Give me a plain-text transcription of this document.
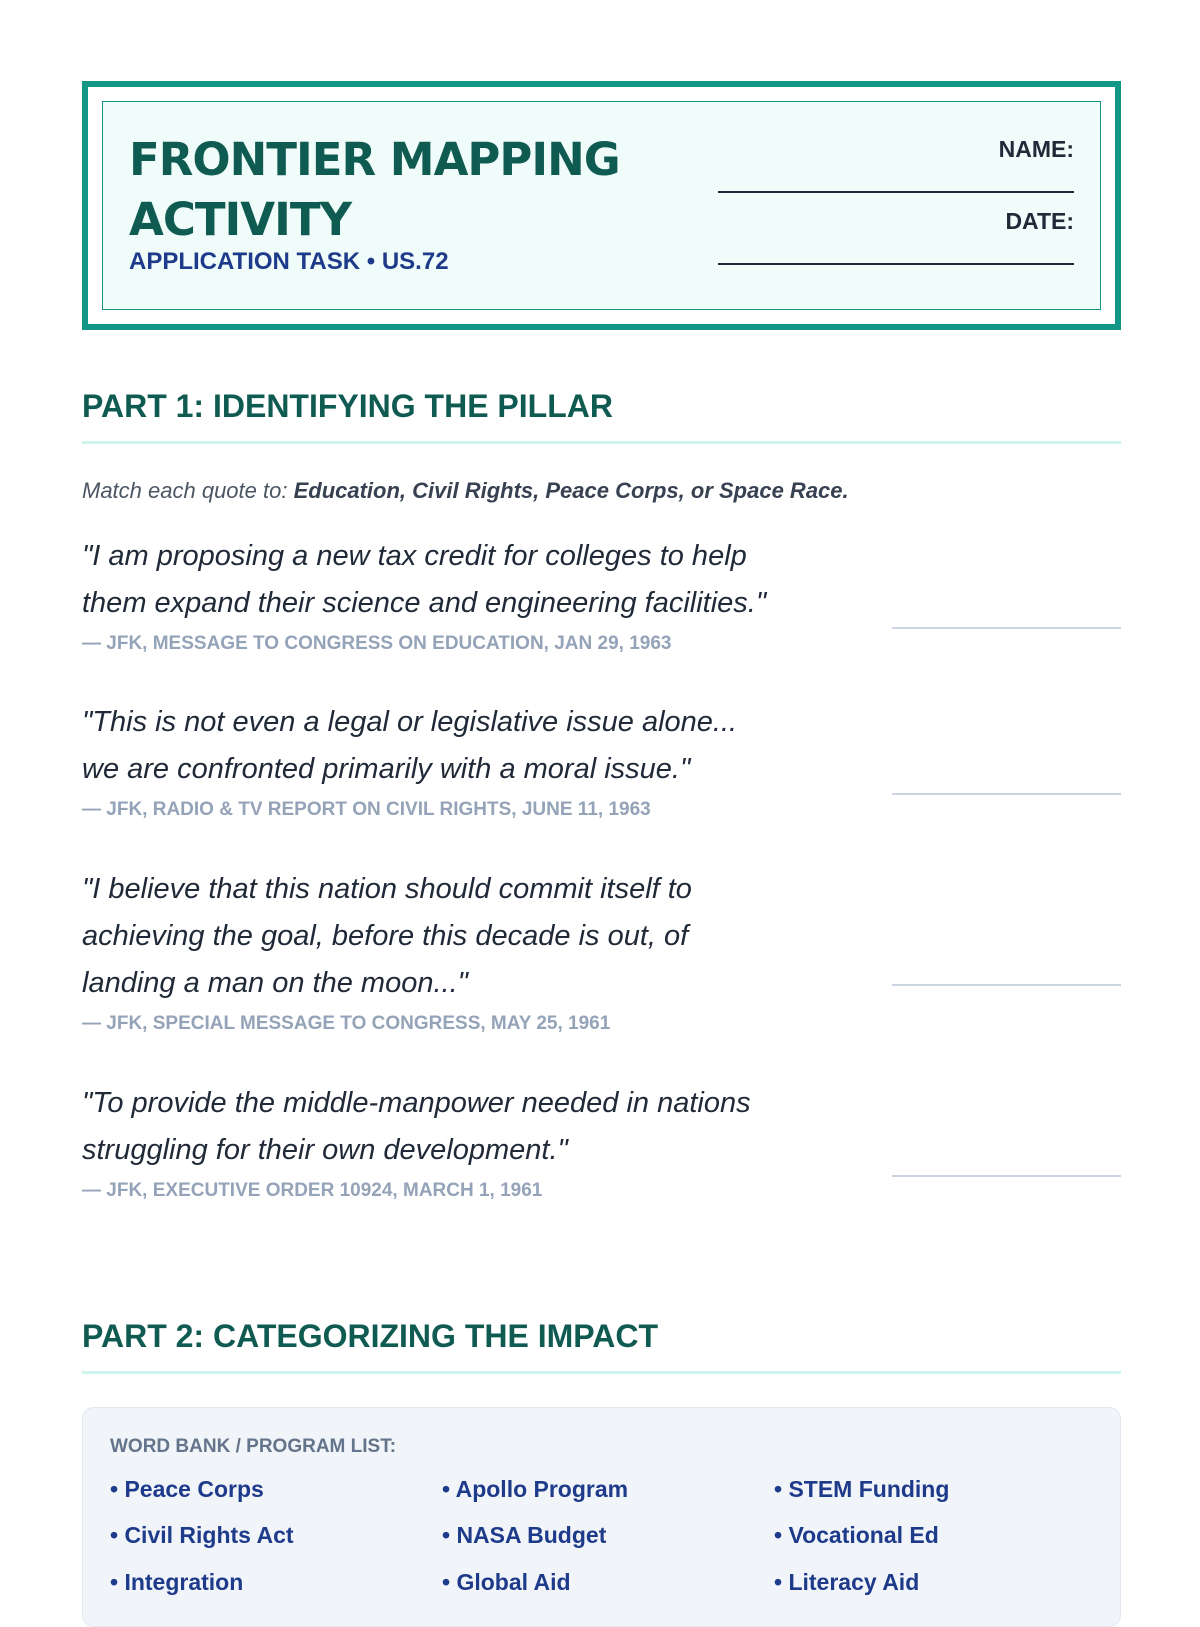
FRONTIER MAPPING ACTIVITY
APPLICATION TASK • US.72
NAME:
DATE:
PART 1: IDENTIFYING THE PILLAR
Match each quote to: Education, Civil Rights, Peace Corps, or Space Race.
"I am proposing a new tax credit for colleges to help
them expand their science and engineering facilities."
— JFK, MESSAGE TO CONGRESS ON EDUCATION, JAN 29, 1963
"This is not even a legal or legislative issue alone...
we are confronted primarily with a moral issue."
— JFK, RADIO & TV REPORT ON CIVIL RIGHTS, JUNE 11, 1963
"I believe that this nation should commit itself to
achieving the goal, before this decade is out, of
landing a man on the moon..."
— JFK, SPECIAL MESSAGE TO CONGRESS, MAY 25, 1961
"To provide the middle-manpower needed in nations
struggling for their own development."
— JFK, EXECUTIVE ORDER 10924, MARCH 1, 1961
PART 2: CATEGORIZING THE IMPACT
WORD BANK / PROGRAM LIST:
• Peace Corps	• Apollo Program	• STEM Funding
• Civil Rights Act	• NASA Budget	• Vocational Ed
• Integration	• Global Aid	• Literacy Aid
